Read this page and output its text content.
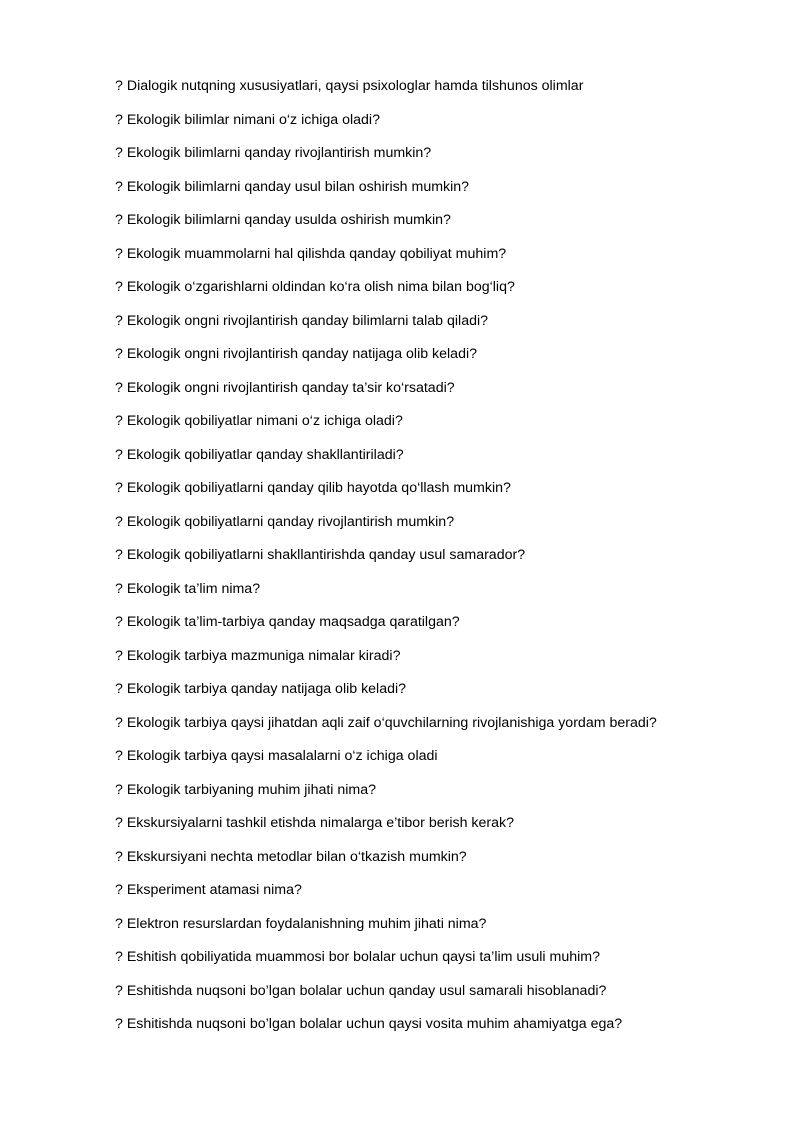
? Dialogik nutqning xususiyatlari, qaysi psixologlar hamda tilshunos olimlar
? Ekologik bilimlar nimani o‘z ichiga oladi?
? Ekologik bilimlarni qanday rivojlantirish mumkin?
? Ekologik bilimlarni qanday usul bilan oshirish mumkin?
? Ekologik bilimlarni qanday usulda oshirish mumkin?
? Ekologik muammolarni hal qilishda qanday qobiliyat muhim?
? Ekologik o‘zgarishlarni oldindan ko‘ra olish nima bilan bog‘liq?
? Ekologik ongni rivojlantirish qanday bilimlarni talab qiladi?
? Ekologik ongni rivojlantirish qanday natijaga olib keladi?
? Ekologik ongni rivojlantirish qanday ta’sir ko‘rsatadi?
? Ekologik qobiliyatlar nimani o‘z ichiga oladi?
? Ekologik qobiliyatlar qanday shakllantiriladi?
? Ekologik qobiliyatlarni qanday qilib hayotda qo‘llash mumkin?
? Ekologik qobiliyatlarni qanday rivojlantirish mumkin?
? Ekologik qobiliyatlarni shakllantirishda qanday usul samarador?
? Ekologik ta’lim nima?
? Ekologik ta’lim-tarbiya qanday maqsadga qaratilgan?
? Ekologik tarbiya mazmuniga nimalar kiradi?
? Ekologik tarbiya qanday natijaga olib keladi?
? Ekologik tarbiya qaysi jihatdan aqli zaif o‘quvchilarning rivojlanishiga yordam beradi?
? Ekologik tarbiya qaysi masalalarni o‘z ichiga oladi
? Ekologik tarbiyaning muhim jihati nima?
? Ekskursiyalarni tashkil etishda nimalarga e’tibor berish kerak?
? Ekskursiyani nechta metodlar bilan o‘tkazish mumkin?
? Eksperiment atamasi nima?
? Elektron resurslardan foydalanishning muhim jihati nima?
? Eshitish qobiliyatida muammosi bor bolalar uchun qaysi ta’lim usuli muhim?
? Eshitishda nuqsoni bo’lgan bolalar uchun qanday usul samarali hisoblanadi?
? Eshitishda nuqsoni bo’lgan bolalar uchun qaysi vosita muhim ahamiyatga ega?
